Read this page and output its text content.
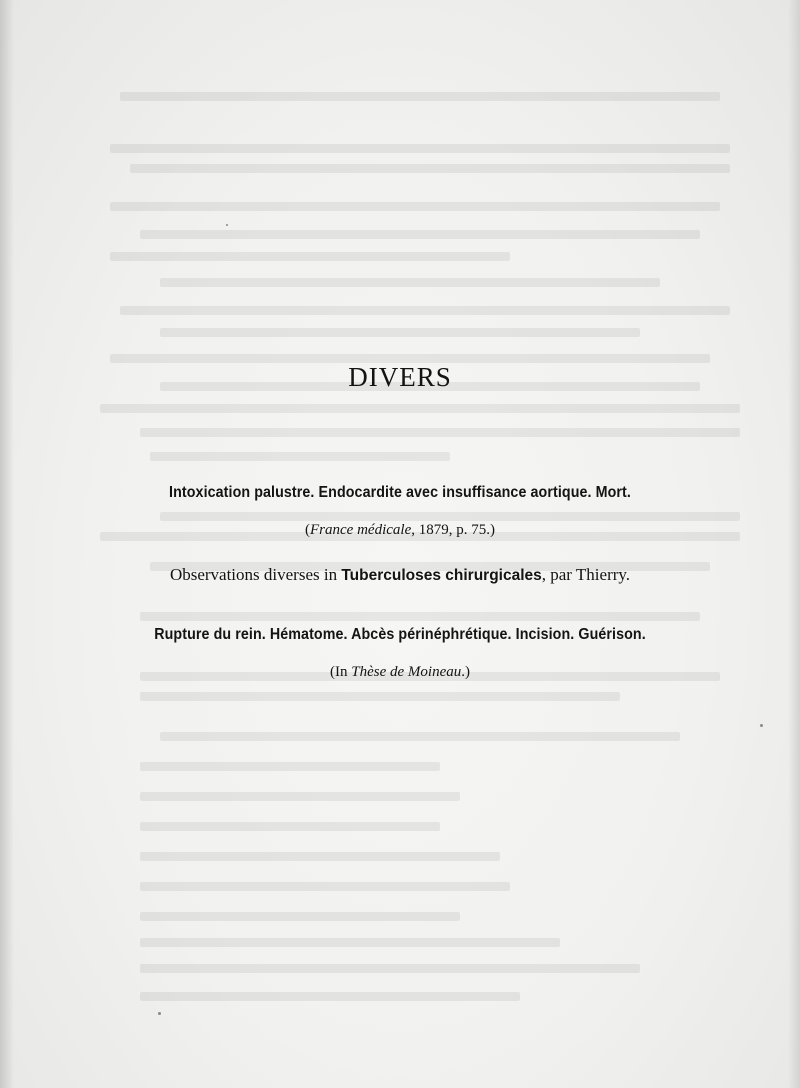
DIVERS

Intoxication palustre. Endocardite avec insuffisance aortique. Mort.

(France médicale, 1879, p. 75.)

Observations diverses in Tuberculoses chirurgicales, par Thierry.

Rupture du rein. Hématome. Abcès périnéphrétique. Incision. Guérison.

(In Thèse de Moineau.)
